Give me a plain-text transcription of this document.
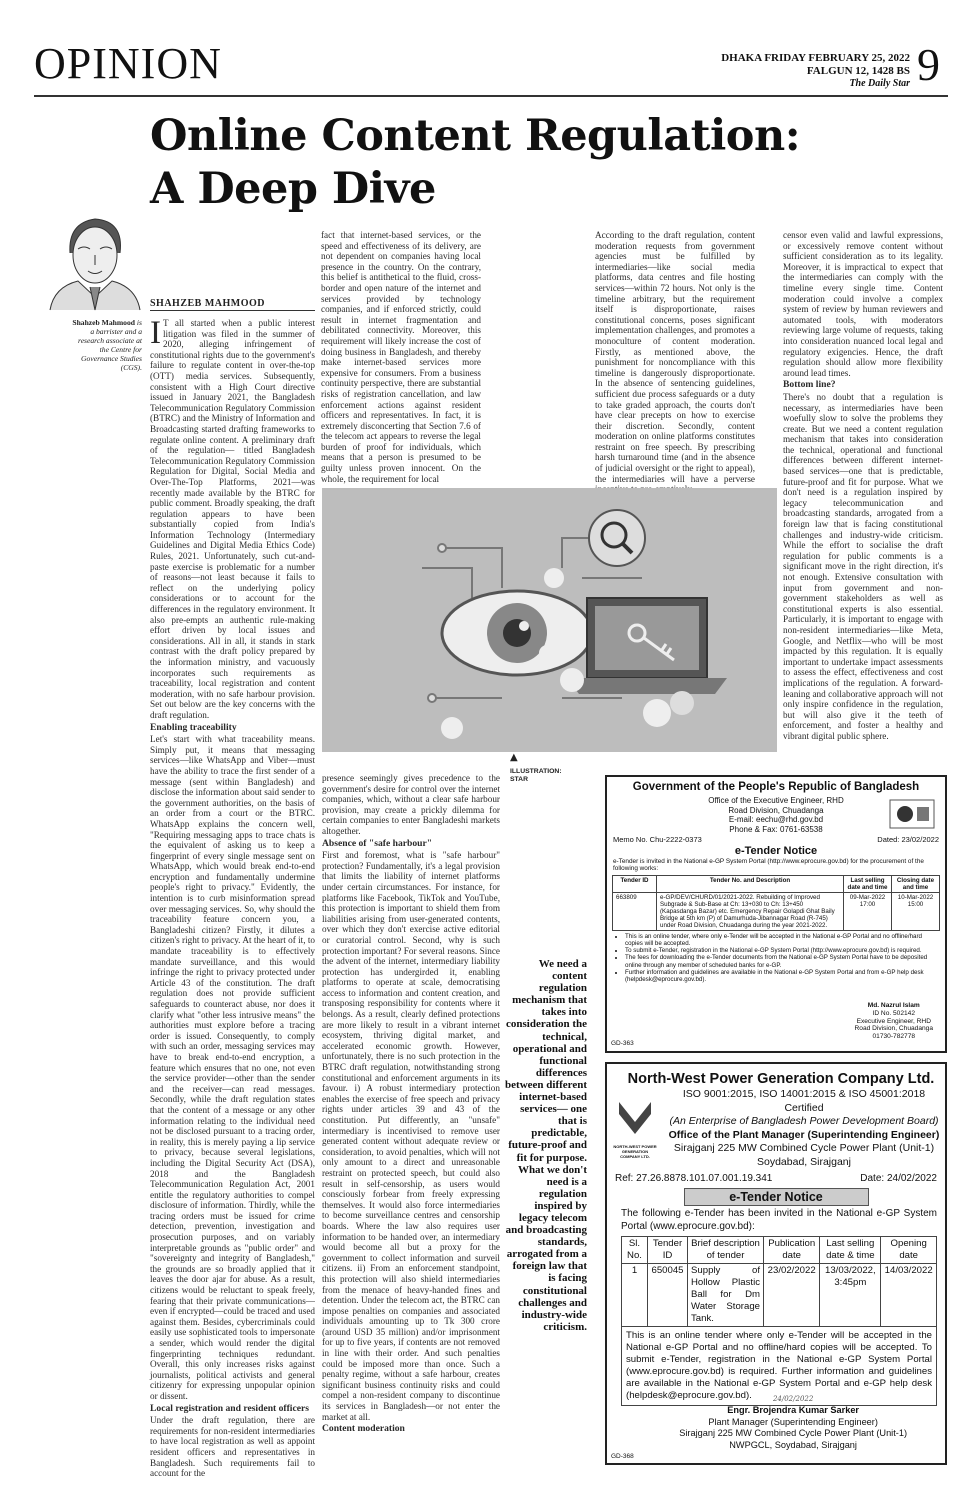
OPINION	DHAKA FRIDAY FEBRUARY 25, 2022
FALGUN 12, 1428 BS
The Daily Star 9
Online Content Regulation:
A Deep Dive
SHAHZEB MAHMOOD
Shahzeb Mahmood is a barrister and a research associate at the Centre for Governance Studies (CGS).

I T all started when a public interest litigation was filed in the summer of 2020, alleging infringement of constitutional rights due to the government's failure to regulate content in over-the-top (OTT) media services. Subsequently, consistent with a High Court directive issued in January 2021, the Bangladesh Telecommunication Regulatory Commission (BTRC) and the Ministry of Information and Broadcasting started drafting frameworks to regulate online content. A preliminary draft of the regulation— titled Bangladesh Telecommunication Regulatory Commission Regulation for Digital, Social Media and Over-The-Top Platforms, 2021—was recently made available by the BTRC for public comment. Broadly speaking, the draft regulation appears to have been substantially copied from India's Information Technology (Intermediary Guidelines and Digital Media Ethics Code) Rules, 2021. Unfortunately, such cut-and-paste exercise is problematic for a number of reasons—not least because it fails to reflect on the underlying policy considerations or to account for the differences in the regulatory environment. It also pre-empts an authentic rule-making effort driven by local issues and considerations. All in all, it stands in stark contrast with the draft policy prepared by the information ministry, and vacuously incorporates such requirements as traceability, local registration and content moderation, with no safe harbour provision. Set out below are the key concerns with the draft regulation.

Enabling traceability

Let's start with what traceability means. Simply put, it means that messaging services—like WhatsApp and Viber—must have the ability to trace the first sender of a message (sent within Bangladesh) and disclose the information about said sender to the government authorities, on the basis of an order from a court or the BTRC. WhatsApp explains the concern well, "Requiring messaging apps to trace chats is the equivalent of asking us to keep a fingerprint of every single message sent on WhatsApp, which would break end-to-end encryption and fundamentally undermine people's right to privacy." Evidently, the intention is to curb misinformation spread over messaging services. So, why should the traceability feature concern you, a Bangladeshi citizen? Firstly, it dilutes a citizen's right to privacy. At the heart of it, to mandate traceability is to effectively mandate surveillance, and this would infringe the right to privacy protected under Article 43 of the constitution. The draft regulation does not provide sufficient safeguards to counteract abuse, nor does it clarify what "other less intrusive means" the authorities must explore before a tracing order is issued. Consequently, to comply with such an order, messaging services may have to break end-to-end encryption, a feature which ensures that no one, not even the service provider—other than the sender and the receiver—can read messages. Secondly, while the draft regulation states that the content of a message or any other information relating to the individual need not be disclosed pursuant to a tracing order, in reality, this is merely paying a lip service to privacy, because several legislations, including the Digital Security Act (DSA), 2018 and the Bangladesh Telecommunication Regulation Act, 2001 entitle the regulatory authorities to compel disclosure of information. Thirdly, while the tracing orders must be issued for crime detection, prevention, investigation and prosecution purposes, and on variably interpretable grounds as "public order" and "sovereignty and integrity of Bangladesh," the grounds are so broadly applied that it leaves the door ajar for abuse. As a result, citizens would be reluctant to speak freely, fearing that their private communications—even if encrypted—could be traced and used against them. Besides, cybercriminals could easily use sophisticated tools to impersonate a sender, which would render the digital fingerprinting techniques redundant. Overall, this only increases risks against journalists, political activists and general citizenry for expressing unpopular opinion or dissent.

Local registration and resident officers

Under the draft regulation, there are requirements for non-resident intermediaries to have local registration as well as appoint resident officers and representatives in Bangladesh. Such requirements fail to account for the

fact that internet-based services, or the speed and effectiveness of its delivery, are not dependent on companies having local presence in the country. On the contrary, this belief is antithetical to the fluid, cross-border and open nature of the internet and services provided by technology companies, and if enforced strictly, could result in internet fragmentation and debilitated connectivity. Moreover, this requirement will likely increase the cost of doing business in Bangladesh, and thereby make internet-based services more expensive for consumers. From a business continuity perspective, there are substantial risks of registration cancellation, and law enforcement actions against resident officers and representatives. In fact, it is extremely disconcerting that Section 7.6 of the telecom act appears to reverse the legal burden of proof for individuals, which means that a person is presumed to be guilty unless proven innocent. On the whole, the requirement for local
According to the draft regulation, content moderation requests from government agencies must be fulfilled by intermediaries—like social media platforms, data centres and file hosting services—within 72 hours. Not only is the timeline arbitrary, but the requirement itself is disproportionate, raises constitutional concerns, poses significant implementation challenges, and promotes a monoculture of content moderation. Firstly, as mentioned above, the punishment for noncompliance with this timeline is dangerously disproportionate. In the absence of sentencing guidelines, sufficient due process safeguards or a duty to take graded approach, the courts don't have clear precepts on how to exercise their discretion. Secondly, content moderation on online platforms constitutes restraint on free speech. By prescribing harsh turnaround time (and in the absence of judicial oversight or the right to appeal), the intermediaries will have a perverse

censor even valid and lawful expressions, or excessively remove content without sufficient consideration as to its legality. Moreover, it is impractical to expect that the intermediaries can comply with the timeline every single time. Content moderation could involve a complex system of review by human reviewers and automated tools, with moderators reviewing large volume of requests, taking into consideration nuanced local legal and regulatory exigencies. Hence, the draft regulation should allow more flexibility around lead times.

Bottom line?

There's no doubt that a regulation is necessary, as intermediaries have been woefully slow to solve the problems they create. But we need a content regulation mechanism that takes into consideration the technical, operational and functional differences between different internet-based services—one that is predictable, future-proof and fit for purpose. What we don't need is a regulation inspired by legacy telecommunication and broadcasting standards, arrogated from a foreign law that is facing constitutional challenges and industry-wide criticism. While the effort to socialise the draft regulation for public comments is a significant move in the right direction, it's not enough. Extensive consultation with input from government and non-government stakeholders as well as constitutional experts is also essential. Particularly, it is important to engage with non-resident intermediaries—like Meta, Google, and Netflix—who will be most impacted by this regulation. It is equally important to undertake impact assessments to assess the effect, effectiveness and cost implications of the regulation. A forward-leaning and collaborative approach will not only inspire confidence in the regulation, but will also give it the teeth of enforcement, and foster a healthy and vibrant digital public sphere.

presence seemingly gives precedence to the government's desire for control over the internet companies, which, without a clear safe harbour provision, may create a prickly dilemma for certain companies to enter Bangladeshi markets altogether.

Absence of "safe harbour"

First and foremost, what is "safe harbour" protection? Fundamentally, it's a legal provision that limits the liability of internet platforms under certain circumstances. For instance, for platforms like Facebook, TikTok and YouTube, this protection is important to shield them from liabilities arising from user-generated contents, over which they don't exercise active editorial or curatorial control. Second, why is such protection important? For several reasons. Since the advent of the internet, intermediary liability protection has undergirded it, enabling platforms to operate at scale, democratising access to information and content creation, and transposing responsibility for contents where it belongs. As a result, clearly defined protections are more likely to result in a vibrant internet ecosystem, thriving digital market, and accelerated economic growth. However, unfortunately, there is no such protection in the BTRC draft regulation, notwithstanding strong constitutional and enforcement arguments in its favour. i) A robust intermediary protection enables the exercise of free speech and privacy rights under articles 39 and 43 of the constitution. Put differently, an "unsafe" intermediary is incentivised to remove user generated content without adequate review or consideration, to avoid penalties, which will not only amount to a direct and unreasonable restraint on protected speech, but could also result in self-censorship, as users would consciously forbear from freely expressing themselves. It would also force intermediaries to become surveillance centres and censorship boards. Where the law also requires user information to be handed over, an intermediary would become all but a proxy for the government to collect information and surveil citizens. ii) From an enforcement standpoint, this protection will also shield intermediaries from the menace of heavy-handed fines and detention. Under the telecom act, the BTRC can impose penalties on companies and associated individuals amounting up to Tk 300 crore (around USD 35 million) and/or imprisonment for up to five years, if contents are not removed in line with their order. And such penalties could be imposed more than once. Such a penalty regime, without a safe harbour, creates significant business continuity risks and could compel a non-resident company to discontinue its services in Bangladesh—or not enter the market at all.

Content moderation
▲
ILLUSTRATION:
STAR
We need a content regulation mechanism that takes into consideration the technical, operational and functional differences between different internet-based services— one that is predictable, future-proof and fit for purpose. What we don't need is a regulation inspired by legacy telecom and broadcasting standards, arrogated from a foreign law that is facing constitutional challenges and industry-wide criticism.
Government of the People's Republic of Bangladesh
Office of the Executive Engineer, RHD
Road Division, Chuadanga
E-mail: eechu@rhd.gov.bd
Phone & Fax: 0761-63538
Memo No. Chu-2222-0373	Dated: 23/02/2022
e-Tender Notice
e-Tender is invited in the National e-GP System Portal (http://www.eprocure.gov.bd) for the procurement of the following works:
Tender ID	Tender No. and Description	Last selling date and time	Closing date and time
663809	e-GP/DEV/CHURD/01/2021-2022. Rebuilding of Improved Subgrade & Sub-Base at Ch: 13+030 to Ch: 13+450 (Kapasdanga Bazar) etc. Emergency Repair Golapdi Ghat Baily Bridge at 5th km (P) of Damurhuda-Jibannagar Road (R-745) under Road Division, Chuadanga during the year 2021-2022.	09-Mar-2022 17:00	10-Mar-2022 15:00
• This is an online tender, where only e-Tender will be accepted in the National e-GP Portal and no offline/hard copies will be accepted.
• To submit e-Tender, registration in the National e-GP System Portal (http://www.eprocure.gov.bd) is required.
• The fees for downloading the e-Tender documents from the National e-GP System Portal have to be deposited online through any member of scheduled banks for e-GP.
• Further information and guidelines are available in the National e-GP System Portal and from e-GP help desk (helpdesk@eprocure.gov.bd).
Md. Nazrul Islam
ID No. 502142
Executive Engineer, RHD
Road Division, Chuadanga
01730-782778
GD-363
North-West Power Generation Company Ltd.
NORTH-WEST POWER GENERATION COMPANY LTD.
ISO 9001:2015, ISO 14001:2015 & ISO 45001:2018 Certified
(An Enterprise of Bangladesh Power Development Board)
Office of the Plant Manager (Superintending Engineer)
Sirajganj 225 MW Combined Cycle Power Plant (Unit-1)
Soydabad, Sirajganj
Ref: 27.26.8878.101.07.001.19.341	Date: 24/02/2022
e-Tender Notice
The following e-Tender has been invited in the National e-GP System Portal (www.eprocure.gov.bd):
Sl. No.	Tender ID	Brief description of tender	Publication date	Last selling date & time	Opening date
1	650045	Supply of Hollow Plastic Ball for Dm Water Storage Tank.	23/02/2022	13/03/2022, 3:45pm	14/03/2022
This is an online tender where only e-Tender will be accepted in the National e-GP Portal and no offline/hard copies will be accepted. To submit e-Tender, registration in the National e-GP System Portal (www.eprocure.gov.bd) is required. Further information and guidelines are available in the National e-GP System Portal and e-GP help desk (helpdesk@eprocure.gov.bd).	24/02/2022
Engr. Brojendra Kumar Sarker
Plant Manager (Superintending Engineer)
Sirajganj 225 MW Combined Cycle Power Plant (Unit-1)
NWPGCL, Soydabad, Sirajganj
GD-368
